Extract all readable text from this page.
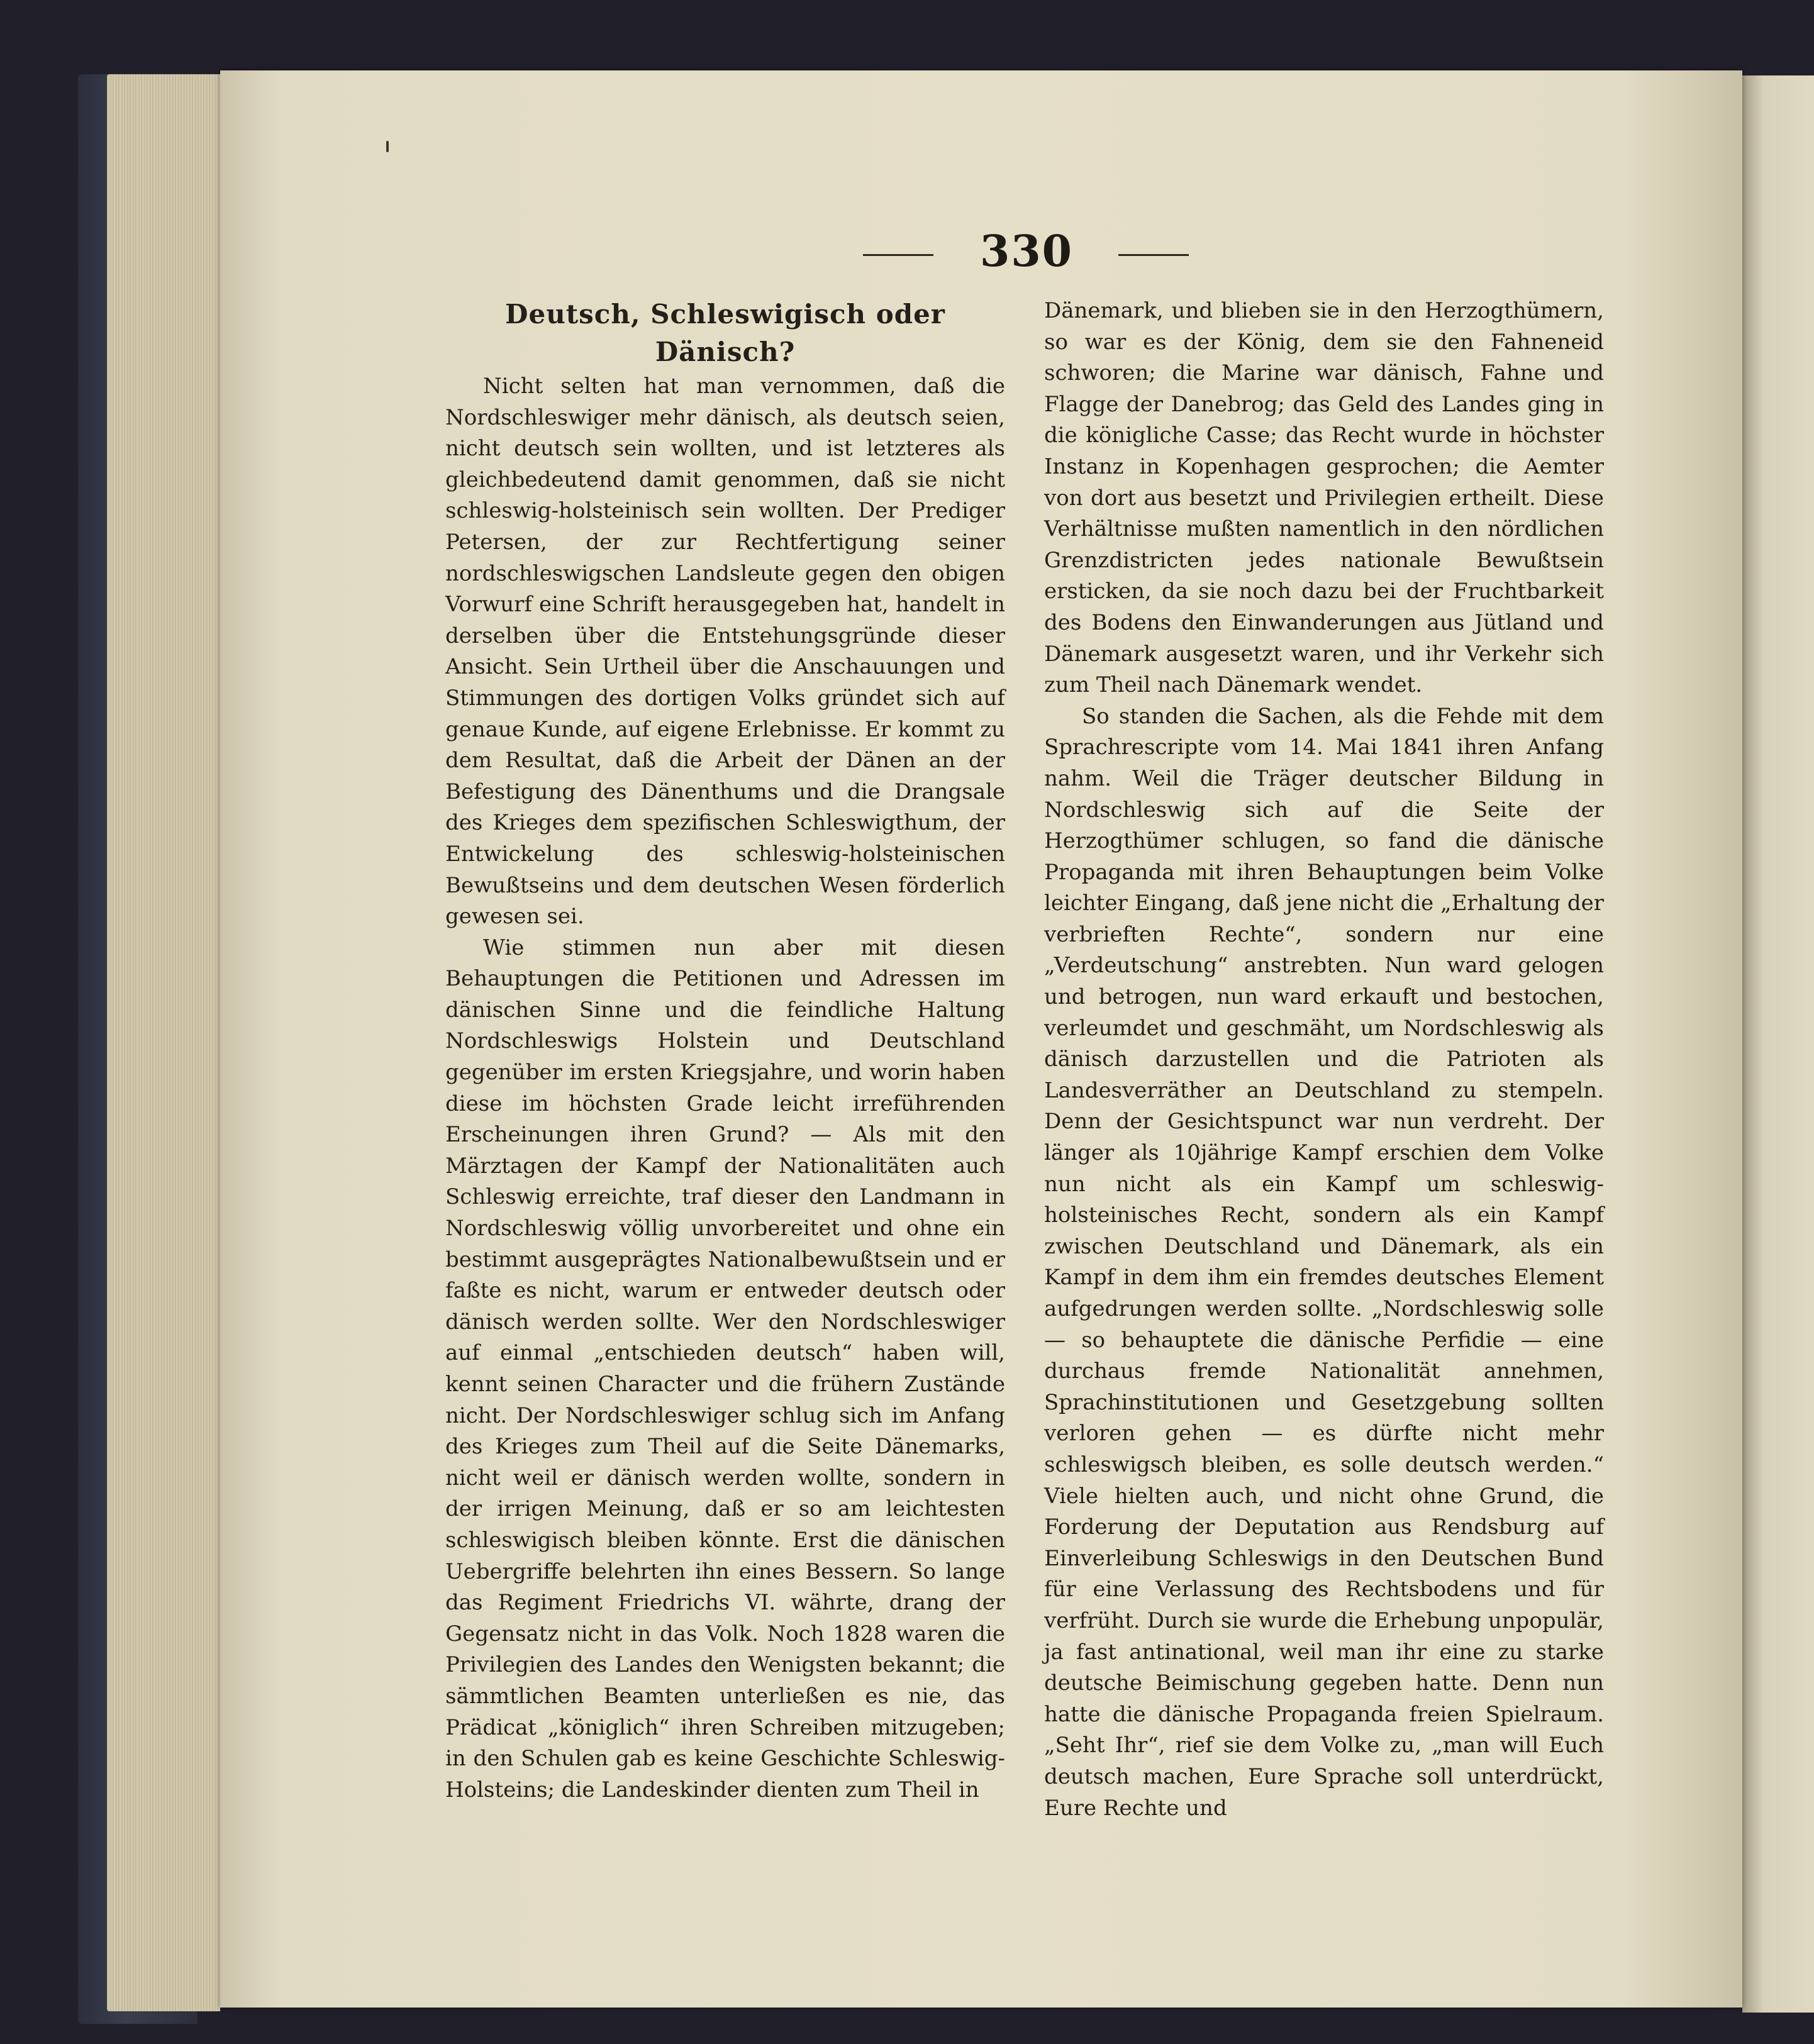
330
Deutsch, Schleswigisch oder Dänisch?

Nicht selten hat man vernommen, daß die Nordschleswiger mehr dänisch, als deutsch seien, nicht deutsch sein wollten, und ist letzteres als gleichbedeutend damit genommen, daß sie nicht schleswig-holsteinisch sein wollten. Der Prediger Petersen, der zur Rechtfertigung seiner nordschleswigschen Landsleute gegen den obigen Vorwurf eine Schrift herausgegeben hat, handelt in derselben über die Entstehungsgründe dieser Ansicht. Sein Urtheil über die Anschauungen und Stimmungen des dortigen Volks gründet sich auf genaue Kunde, auf eigene Erlebnisse. Er kommt zu dem Resultat, daß die Arbeit der Dänen an der Befestigung des Dänenthums und die Drangsale des Krieges dem spezifischen Schleswigthum, der Entwickelung des schleswig-holsteinischen Bewußtseins und dem deutschen Wesen förderlich gewesen sei.

Wie stimmen nun aber mit diesen Behauptungen die Petitionen und Adressen im dänischen Sinne und die feindliche Haltung Nordschleswigs Holstein und Deutschland gegenüber im ersten Kriegsjahre, und worin haben diese im höchsten Grade leicht irreführenden Erscheinungen ihren Grund? — Als mit den Märztagen der Kampf der Nationalitäten auch Schleswig erreichte, traf dieser den Landmann in Nordschleswig völlig unvorbereitet und ohne ein bestimmt ausgeprägtes Nationalbewußtsein und er faßte es nicht, warum er entweder deutsch oder dänisch werden sollte. Wer den Nordschleswiger auf einmal „entschieden deutsch“ haben will, kennt seinen Character und die frühern Zustände nicht. Der Nordschleswiger schlug sich im Anfang des Krieges zum Theil auf die Seite Dänemarks, nicht weil er dänisch werden wollte, sondern in der irrigen Meinung, daß er so am leichtesten schleswigisch bleiben könnte. Erst die dänischen Uebergriffe belehrten ihn eines Bessern. So lange das Regiment Friedrichs VI. währte, drang der Gegensatz nicht in das Volk. Noch 1828 waren die Privilegien des Landes den Wenigsten bekannt; die sämmtlichen Beamten unterließen es nie, das Prädicat „königlich“ ihren Schreiben mitzugeben; in den Schulen gab es keine Geschichte Schleswig-Holsteins; die Landeskinder dienten zum Theil in

Dänemark, und blieben sie in den Herzogthümern, so war es der König, dem sie den Fahneneid schworen; die Marine war dänisch, Fahne und Flagge der Danebrog; das Geld des Landes ging in die königliche Casse; das Recht wurde in höchster Instanz in Kopenhagen gesprochen; die Aemter von dort aus besetzt und Privilegien ertheilt. Diese Verhältnisse mußten namentlich in den nördlichen Grenzdistricten jedes nationale Bewußtsein ersticken, da sie noch dazu bei der Fruchtbarkeit des Bodens den Einwanderungen aus Jütland und Dänemark ausgesetzt waren, und ihr Verkehr sich zum Theil nach Dänemark wendet.

So standen die Sachen, als die Fehde mit dem Sprachrescripte vom 14. Mai 1841 ihren Anfang nahm. Weil die Träger deutscher Bildung in Nordschleswig sich auf die Seite der Herzogthümer schlugen, so fand die dänische Propaganda mit ihren Behauptungen beim Volke leichter Eingang, daß jene nicht die „Erhaltung der verbrieften Rechte“, sondern nur eine „Verdeutschung“ anstrebten. Nun ward gelogen und betrogen, nun ward erkauft und bestochen, verleumdet und geschmäht, um Nordschleswig als dänisch darzustellen und die Patrioten als Landesverräther an Deutschland zu stempeln. Denn der Gesichtspunct war nun verdreht. Der länger als 10jährige Kampf erschien dem Volke nun nicht als ein Kampf um schleswig-holsteinisches Recht, sondern als ein Kampf zwischen Deutschland und Dänemark, als ein Kampf in dem ihm ein fremdes deutsches Element aufgedrungen werden sollte. „Nordschleswig solle — so behauptete die dänische Perfidie — eine durchaus fremde Nationalität annehmen, Sprachinstitutionen und Gesetzgebung sollten verloren gehen — es dürfte nicht mehr schleswigsch bleiben, es solle deutsch werden.“ Viele hielten auch, und nicht ohne Grund, die Forderung der Deputation aus Rendsburg auf Einverleibung Schleswigs in den Deutschen Bund für eine Verlassung des Rechtsbodens und für verfrüht. Durch sie wurde die Erhebung unpopulär, ja fast antinational, weil man ihr eine zu starke deutsche Beimischung gegeben hatte. Denn nun hatte die dänische Propaganda freien Spielraum. „Seht Ihr“, rief sie dem Volke zu, „man will Euch deutsch machen, Eure Sprache soll unterdrückt, Eure Rechte und
